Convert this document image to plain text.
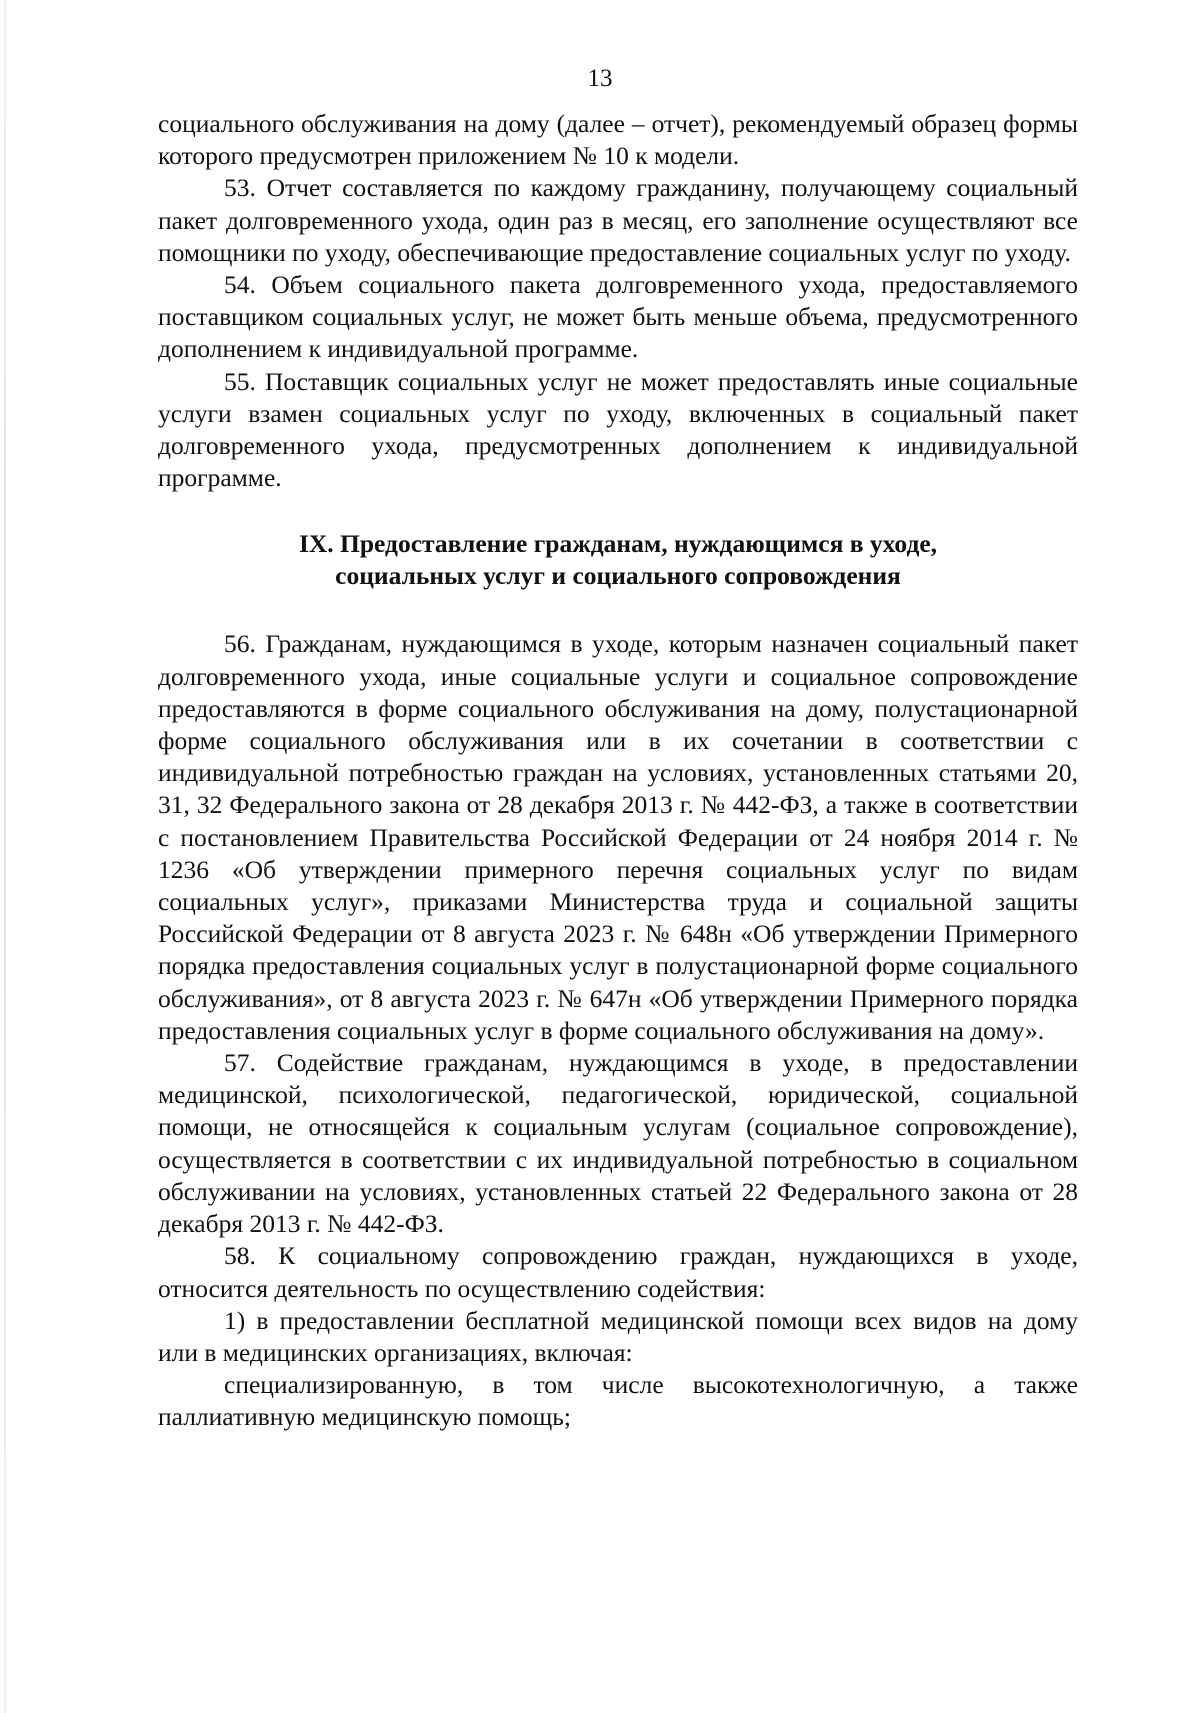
13

социального обслуживания на дому (далее – отчет), рекомендуемый образец формы которого предусмотрен приложением № 10 к модели.

53. Отчет составляется по каждому гражданину, получающему социальный пакет долговременного ухода, один раз в месяц, его заполнение осуществляют все помощники по уходу, обеспечивающие предоставление социальных услуг по уходу.

54. Объем социального пакета долговременного ухода, предоставляемого поставщиком социальных услуг, не может быть меньше объема, предусмотренного дополнением к индивидуальной программе.

55. Поставщик социальных услуг не может предоставлять иные социальные услуги взамен социальных услуг по уходу, включенных в социальный пакет долговременного ухода, предусмотренных дополнением к индивидуальной программе.

IX. Предоставление гражданам, нуждающимся в уходе,
социальных услуг и социального сопровождения

56. Гражданам, нуждающимся в уходе, которым назначен социальный пакет долговременного ухода, иные социальные услуги и социальное сопровождение предоставляются в форме социального обслуживания на дому, полустационарной форме социального обслуживания или в их сочетании в соответствии с индивидуальной потребностью граждан на условиях, установленных статьями 20, 31, 32 Федерального закона от 28 декабря 2013 г. № 442-ФЗ, а также в соответствии с постановлением Правительства Российской Федерации от 24 ноября 2014 г. № 1236 «Об утверждении примерного перечня социальных услуг по видам социальных услуг», приказами Министерства труда и социальной защиты Российской Федерации от 8 августа 2023 г. № 648н «Об утверждении Примерного порядка предоставления социальных услуг в полустационарной форме социального обслуживания», от 8 августа 2023 г. № 647н «Об утверждении Примерного порядка предоставления социальных услуг в форме социального обслуживания на дому».

57. Содействие гражданам, нуждающимся в уходе, в предоставлении медицинской, психологической, педагогической, юридической, социальной помощи, не относящейся к социальным услугам (социальное сопровождение), осуществляется в соответствии с их индивидуальной потребностью в социальном обслуживании на условиях, установленных статьей 22 Федерального закона от 28 декабря 2013 г. № 442-ФЗ.

58. К социальному сопровождению граждан, нуждающихся в уходе, относится деятельность по осуществлению содействия:

1) в предоставлении бесплатной медицинской помощи всех видов на дому или в медицинских организациях, включая:

специализированную, в том числе высокотехнологичную, а также паллиативную медицинскую помощь;
